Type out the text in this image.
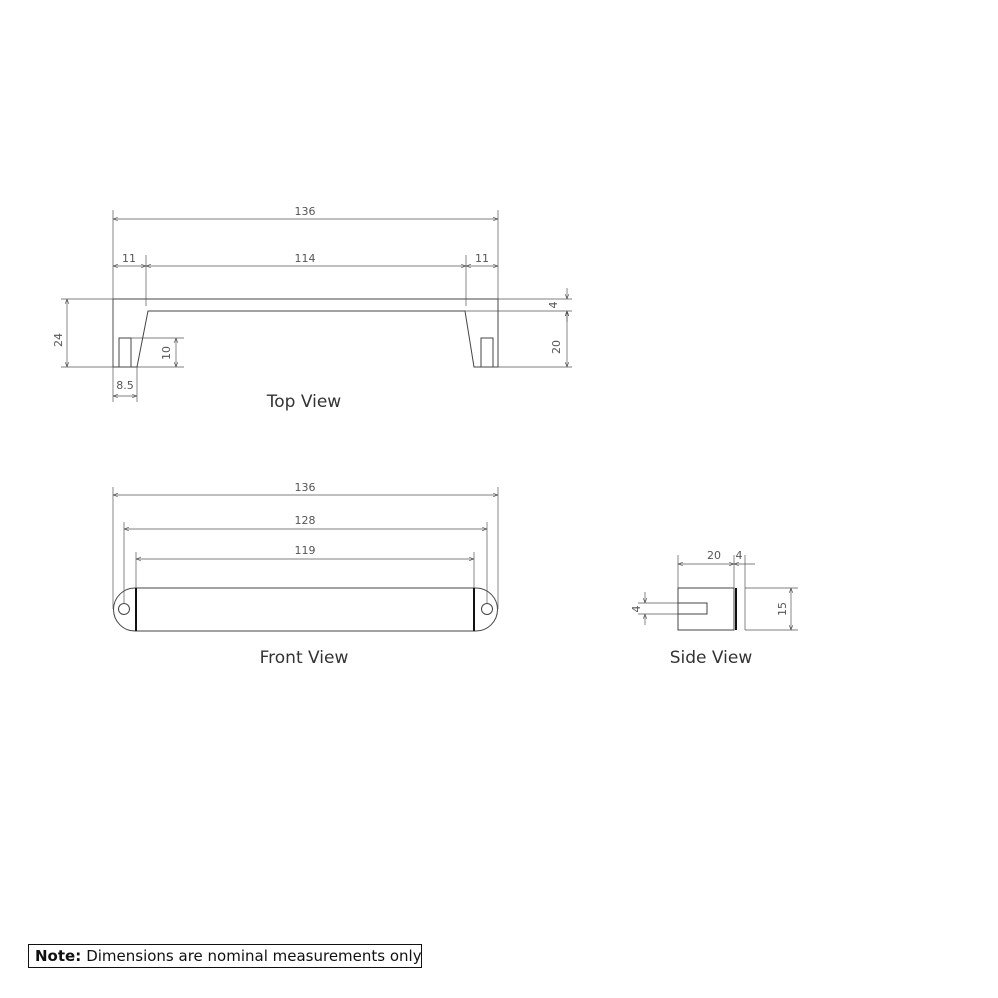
136
11	114	11
24
4
20
10
8.5
Top View
136
128
119
Front View
20 4
15
4
Side View
Note: Dimensions are nominal measurements only
